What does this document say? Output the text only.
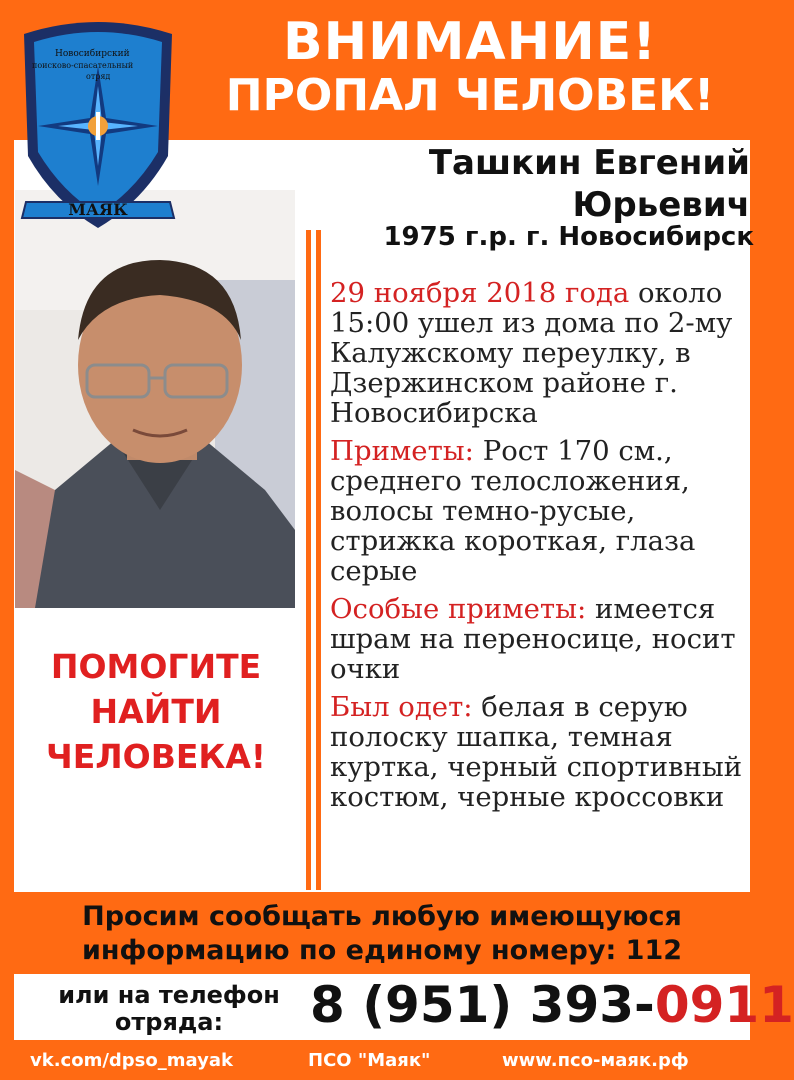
ВНИМАНИЕ!
ПРОПАЛ ЧЕЛОВЕК!
Новосибирский
поисково-спасательный
отряд
МАЯК
Ташкин Евгений
Юрьевич
1975 г.р. г. Новосибирск
ПОМОГИТЕ
НАЙТИ
ЧЕЛОВЕКА!

29 ноября 2018 года около 15:00 ушел из дома по 2-му Калужскому переулку, в Дзержинском районе г. Новосибирска

Приметы: Рост 170 см., среднего телосложения, волосы темно-русые, стрижка короткая, глаза серые

Особые приметы: имеется шрам на переносице, носит очки

Был одет: белая в серую полоску шапка, темная куртка, черный спортивный костюм, черные кроссовки

Просим сообщать любую имеющуюся
информацию по единому номеру: 112
или на телефон
отряда:	8 (951) 393-0911
vk.com/dpso_mayak	ПСО "Маяк"	www.псо-маяк.рф
